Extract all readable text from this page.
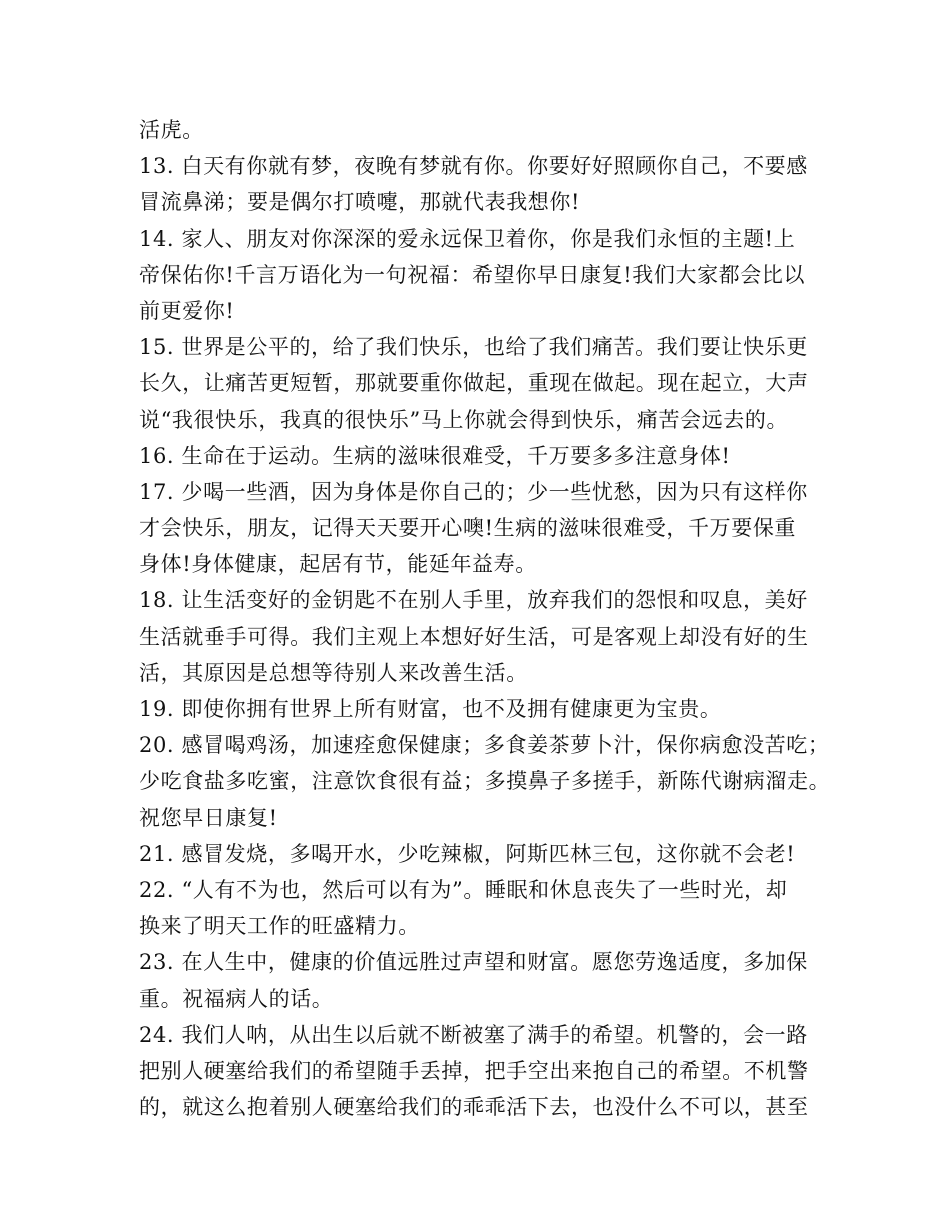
活虎。
13. 白天有你就有梦，夜晚有梦就有你。你要好好照顾你自己，不要感
冒流鼻涕；要是偶尔打喷嚏，那就代表我想你!
14. 家人、朋友对你深深的爱永远保卫着你，你是我们永恒的主题!上
帝保佑你!千言万语化为一句祝福：希望你早日康复!我们大家都会比以
前更爱你!
15. 世界是公平的，给了我们快乐，也给了我们痛苦。我们要让快乐更
长久，让痛苦更短暂，那就要重你做起，重现在做起。现在起立，大声
说“我很快乐，我真的很快乐”马上你就会得到快乐，痛苦会远去的。
16. 生命在于运动。生病的滋味很难受，千万要多多注意身体!
17. 少喝一些酒，因为身体是你自己的；少一些忧愁，因为只有这样你
才会快乐，朋友，记得天天要开心噢!生病的滋味很难受，千万要保重
身体!身体健康，起居有节，能延年益寿。
18. 让生活变好的金钥匙不在别人手里，放弃我们的怨恨和叹息，美好
生活就垂手可得。我们主观上本想好好生活，可是客观上却没有好的生
活，其原因是总想等待别人来改善生活。
19. 即使你拥有世界上所有财富，也不及拥有健康更为宝贵。
20. 感冒喝鸡汤，加速痊愈保健康；多食姜茶萝卜汁，保你病愈没苦吃；
少吃食盐多吃蜜，注意饮食很有益；多摸鼻子多搓手，新陈代谢病溜走。
祝您早日康复!
21. 感冒发烧，多喝开水，少吃辣椒，阿斯匹林三包，这你就不会老!
22. “人有不为也，然后可以有为”。睡眠和休息丧失了一些时光，却
换来了明天工作的旺盛精力。
23. 在人生中，健康的价值远胜过声望和财富。愿您劳逸适度，多加保
重。祝福病人的话。
24. 我们人呐，从出生以后就不断被塞了满手的希望。机警的，会一路
把别人硬塞给我们的希望随手丢掉，把手空出来抱自己的希望。不机警
的，就这么抱着别人硬塞给我们的乖乖活下去，也没什么不可以，甚至
